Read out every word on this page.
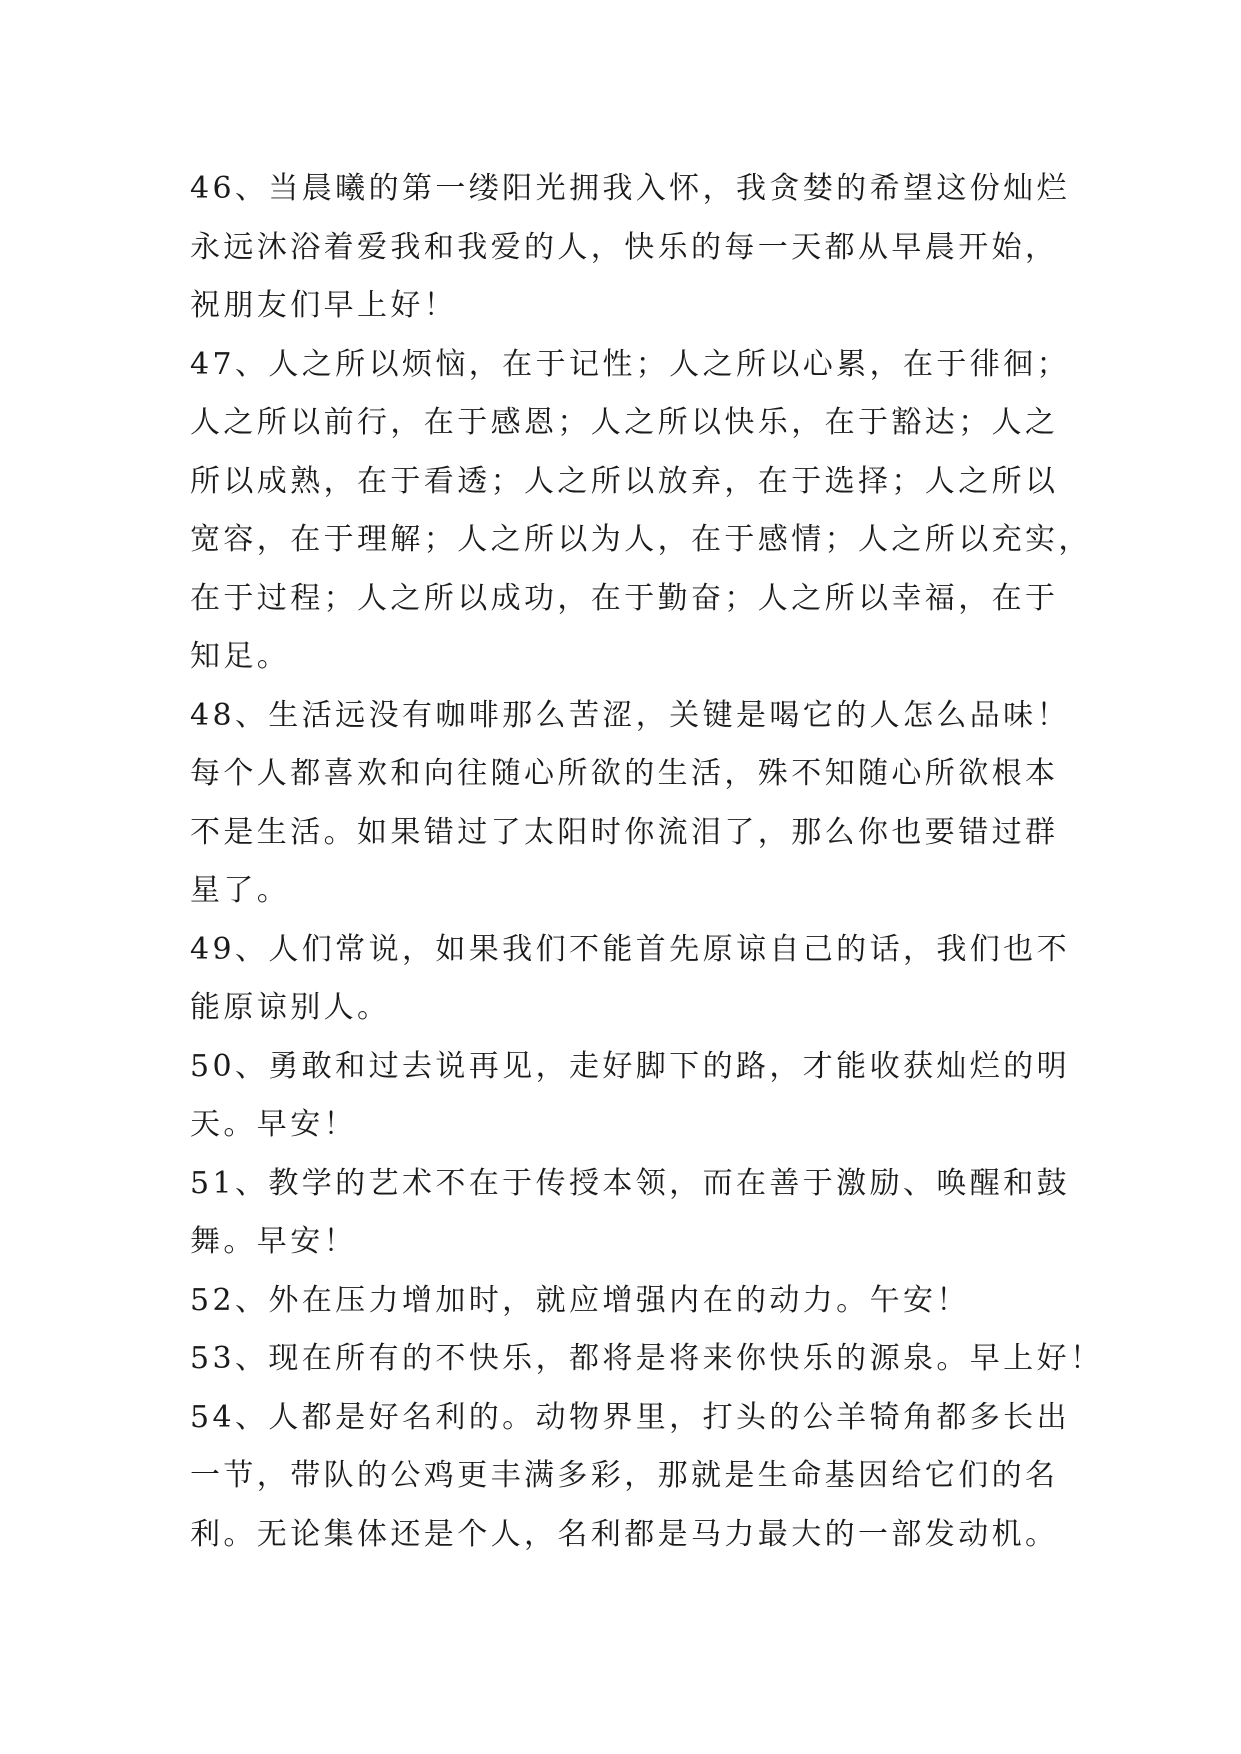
46、当晨曦的第一缕阳光拥我入怀，我贪婪的希望这份灿烂
永远沐浴着爱我和我爱的人，快乐的每一天都从早晨开始，
祝朋友们早上好！
47、人之所以烦恼，在于记性；人之所以心累，在于徘徊；
人之所以前行，在于感恩；人之所以快乐，在于豁达；人之
所以成熟，在于看透；人之所以放弃，在于选择；人之所以
宽容，在于理解；人之所以为人，在于感情；人之所以充实，
在于过程；人之所以成功，在于勤奋；人之所以幸福，在于
知足。
48、生活远没有咖啡那么苦涩，关键是喝它的人怎么品味！
每个人都喜欢和向往随心所欲的生活，殊不知随心所欲根本
不是生活。如果错过了太阳时你流泪了，那么你也要错过群
星了。
49、人们常说，如果我们不能首先原谅自己的话，我们也不
能原谅别人。
50、勇敢和过去说再见，走好脚下的路，才能收获灿烂的明
天。早安！
51、教学的艺术不在于传授本领，而在善于激励、唤醒和鼓
舞。早安！
52、外在压力增加时，就应增强内在的动力。午安！
53、现在所有的不快乐，都将是将来你快乐的源泉。早上好！
54、人都是好名利的。动物界里，打头的公羊犄角都多长出
一节，带队的公鸡更丰满多彩，那就是生命基因给它们的名
利。无论集体还是个人，名利都是马力最大的一部发动机。
